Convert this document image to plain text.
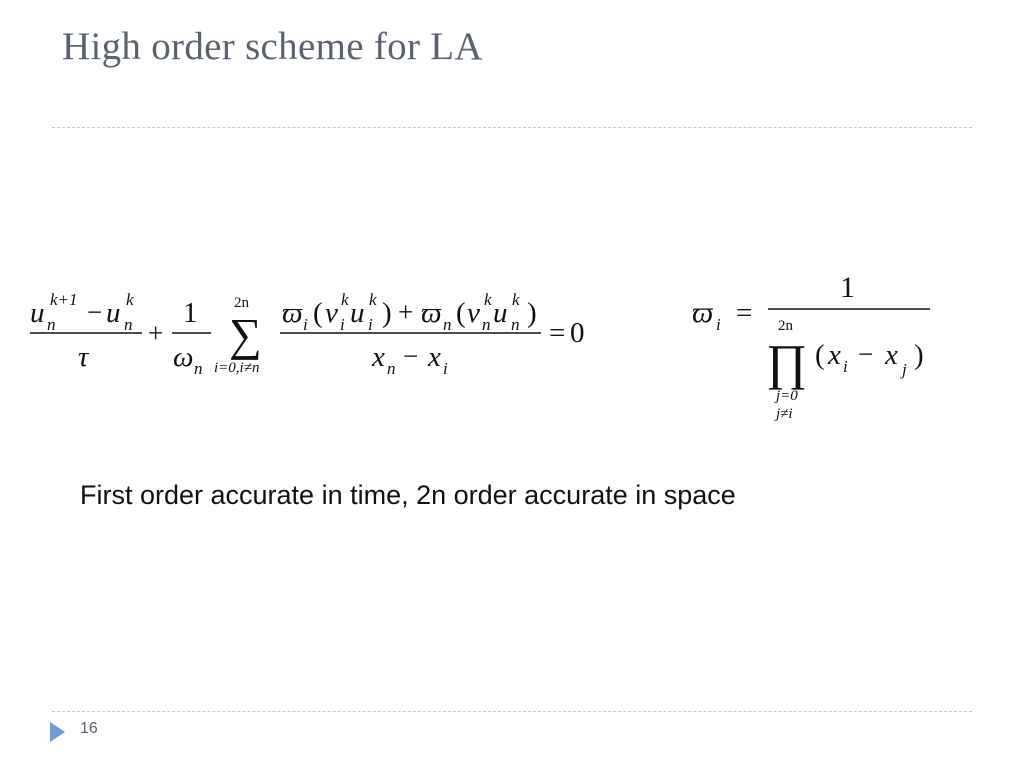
High order scheme for LA
u n
k+1 − u n
k
τ
+
1
ω n
2n
∑
i=0,i≠n
ϖ i ( v i
k u i
k ) + ϖ n ( v n
k u n
k )
x n − x i
= 0
ϖ i =
1
2n
∏
j=0
j≠i
( x i − x j )
First order accurate in time, 2n order accurate in space
16
